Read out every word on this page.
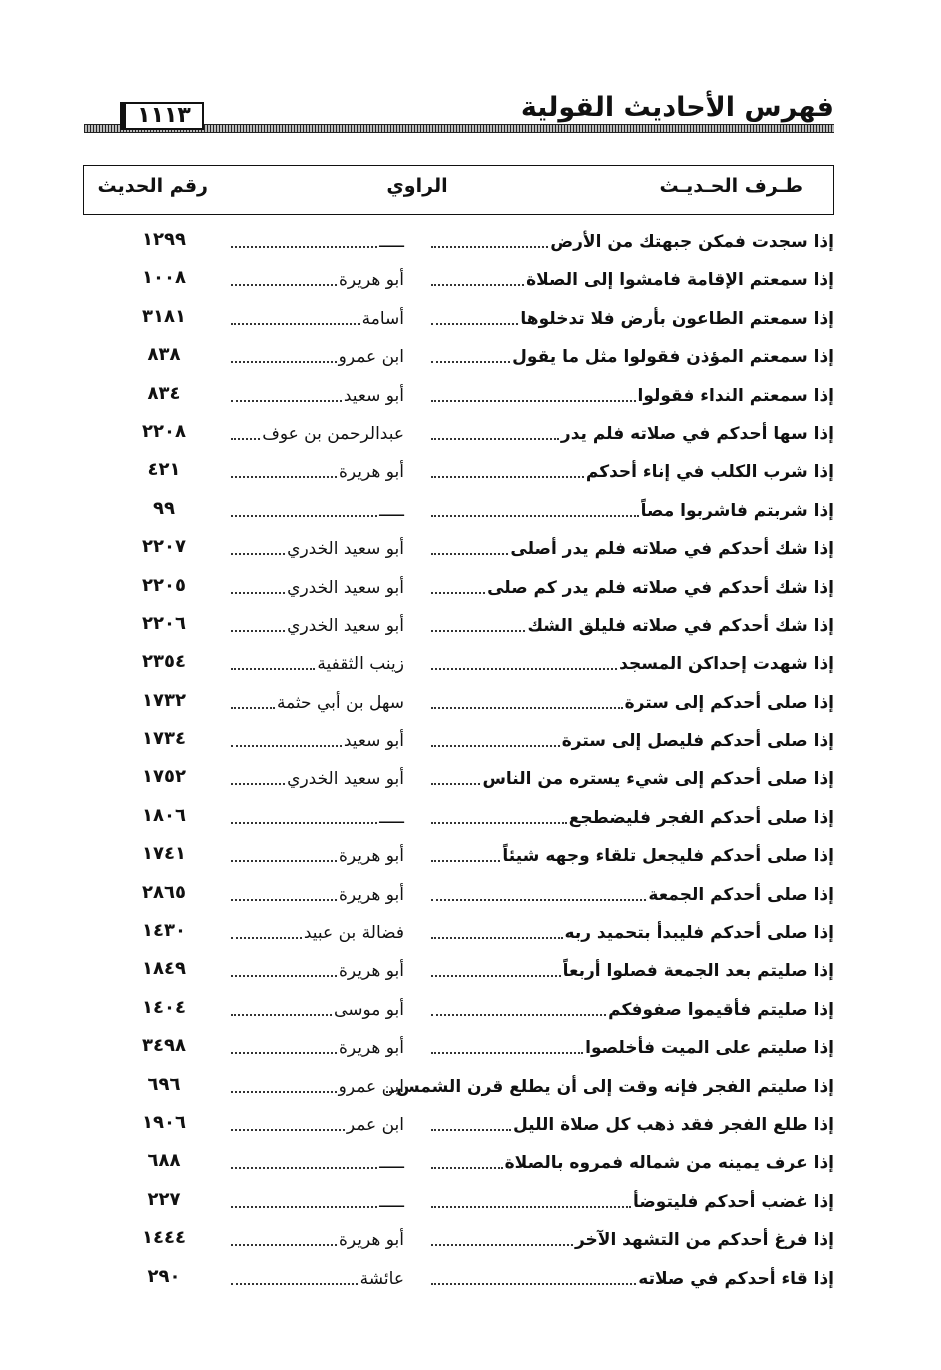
فهرس الأحاديث القولية
١١١٣
طـرف الحـديـث
الراوي
رقم الحديث
إذا سجدت فمكن جبهتك من الأرض
ـــــ
١٢٩٩
إذا سمعتم الإقامة فامشوا إلى الصلاة
أبو هريرة
١٠٠٨
إذا سمعتم الطاعون بأرض فلا تدخلوها
أسامة
٣١٨١
إذا سمعتم المؤذن فقولوا مثل ما يقول
ابن عمرو
٨٣٨
إذا سمعتم النداء فقولوا
أبو سعيد
٨٣٤
إذا سها أحدكم في صلاته فلم يدر
عبدالرحمن بن عوف
٢٢٠٨
إذا شرب الكلب في إناء أحدكم
أبو هريرة
٤٢١
إذا شربتم فاشربوا مصاً
ـــــ
٩٩
إذا شك أحدكم في صلاته فلم يدر أصلى
أبو سعيد الخدري
٢٢٠٧
إذا شك أحدكم في صلاته فلم يدر كم صلى
أبو سعيد الخدري
٢٢٠٥
إذا شك أحدكم في صلاته فليلق الشك
أبو سعيد الخدري
٢٢٠٦
إذا شهدت إحداكن المسجد
زينب الثقفية
٢٣٥٤
إذا صلى أحدكم إلى سترة
سهل بن أبي حثمة
١٧٣٢
إذا صلى أحدكم فليصل إلى سترة
أبو سعيد
١٧٣٤
إذا صلى أحدكم إلى شيء يستره من الناس
أبو سعيد الخدري
١٧٥٢
إذا صلى أحدكم الفجر فليضطجع
ـــــ
١٨٠٦
إذا صلى أحدكم فليجعل تلقاء وجهه شيئاً
أبو هريرة
١٧٤١
إذا صلى أحدكم الجمعة
أبو هريرة
٢٨٦٥
إذا صلى أحدكم فليبدأ بتحميد ربه
فضالة بن عبيد
١٤٣٠
إذا صليتم بعد الجمعة فصلوا أربعاً
أبو هريرة
١٨٤٩
إذا صليتم فأقيموا صفوفكم
أبو موسى
١٤٠٤
إذا صليتم على الميت فأخلصوا
أبو هريرة
٣٤٩٨
إذا صليتم الفجر فإنه وقت إلى أن يطلع قرن الشمس
ابن عمرو
٦٩٦
إذا طلع الفجر فقد ذهب كل صلاة الليل
ابن عمر
١٩٠٦
إذا عرف يمينه من شماله فمروه بالصلاة
ـــــ
٦٨٨
إذا غضب أحدكم فليتوضأ
ـــــ
٢٢٧
إذا فرغ أحدكم من التشهد الآخر
أبو هريرة
١٤٤٤
إذا قاء أحدكم في صلاته
عائشة
٢٩٠
